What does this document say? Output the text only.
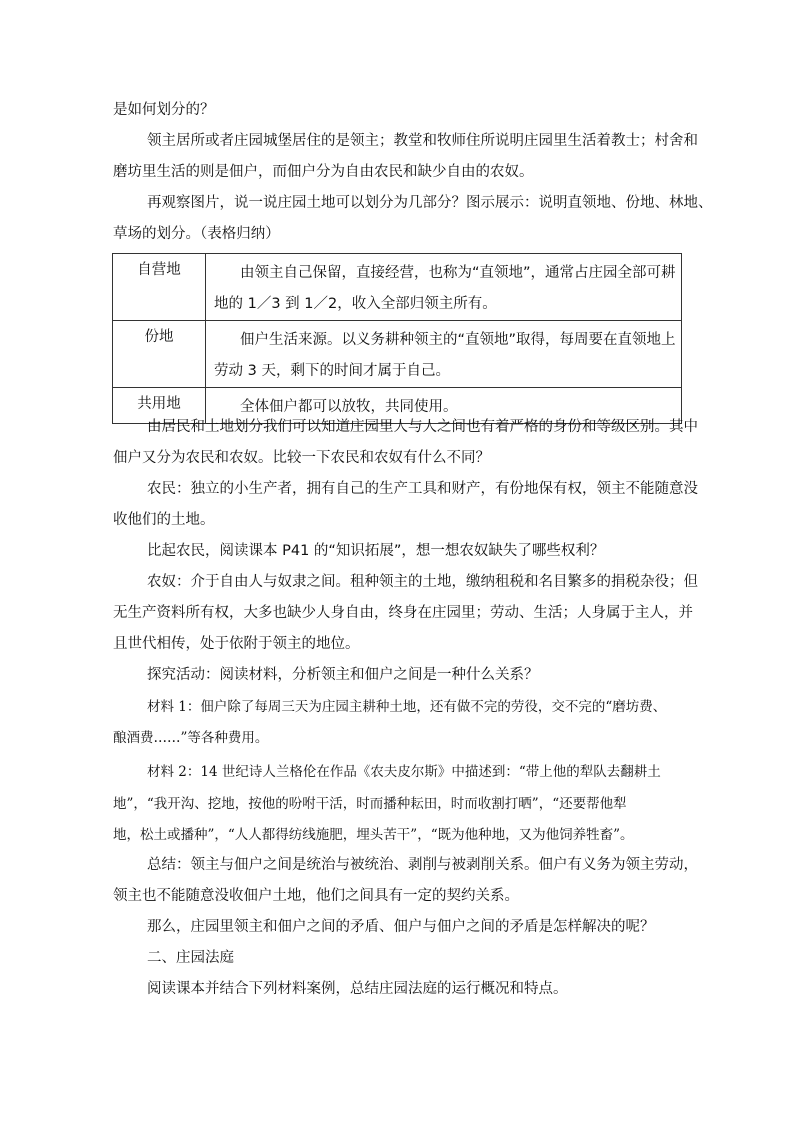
是如何划分的？

领主居所或者庄园城堡居住的是领主；教堂和牧师住所说明庄园里生活着教士；村舍和

磨坊里生活的则是佃户，而佃户分为自由农民和缺少自由的农奴。

再观察图片，说一说庄园土地可以划分为几部分？图示展示：说明直领地、份地、林地、

草场的划分。（表格归纳）

自营地	由领主自己保留，直接经营，也称为“直领地”，通常占庄园全部可耕
地的 1／3 到 1／2，收入全部归领主所有。

份地	佃户生活来源。以义务耕种领主的“直领地”取得，每周要在直领地上
劳动 3 天，剩下的时间才属于自己。

共用地	全体佃户都可以放牧，共同使用。

由居民和土地划分我们可以知道庄园里人与人之间也有着严格的身份和等级区别。其中

佃户又分为农民和农奴。比较一下农民和农奴有什么不同？

农民：独立的小生产者，拥有自己的生产工具和财产，有份地保有权，领主不能随意没

收他们的土地。

比起农民，阅读课本 P41 的“知识拓展”，想一想农奴缺失了哪些权利？

农奴：介于自由人与奴隶之间。租种领主的土地，缴纳租税和名目繁多的捐税杂役；但

无生产资料所有权，大多也缺少人身自由，终身在庄园里；劳动、生活；人身属于主人，并

且世代相传，处于依附于领主的地位。

探究活动：阅读材料，分析领主和佃户之间是一种什么关系？

材料 1：佃户除了每周三天为庄园主耕种土地，还有做不完的劳役，交不完的“磨坊费、

酿酒费……”等各种费用。

材料 2：14 世纪诗人兰格伦在作品《农夫皮尔斯》中描述到：“带上他的犁队去翻耕土

地”，“我开沟、挖地，按他的吩咐干活，时而播种耘田，时而收割打晒”，“还要帮他犁

地，松土或播种”，“人人都得纺线施肥，埋头苦干”，“既为他种地，又为他饲养牲畜”。

总结：领主与佃户之间是统治与被统治、剥削与被剥削关系。佃户有义务为领主劳动，

领主也不能随意没收佃户土地，他们之间具有一定的契约关系。

那么，庄园里领主和佃户之间的矛盾、佃户与佃户之间的矛盾是怎样解决的呢？

二、庄园法庭

阅读课本并结合下列材料案例，总结庄园法庭的运行概况和特点。
